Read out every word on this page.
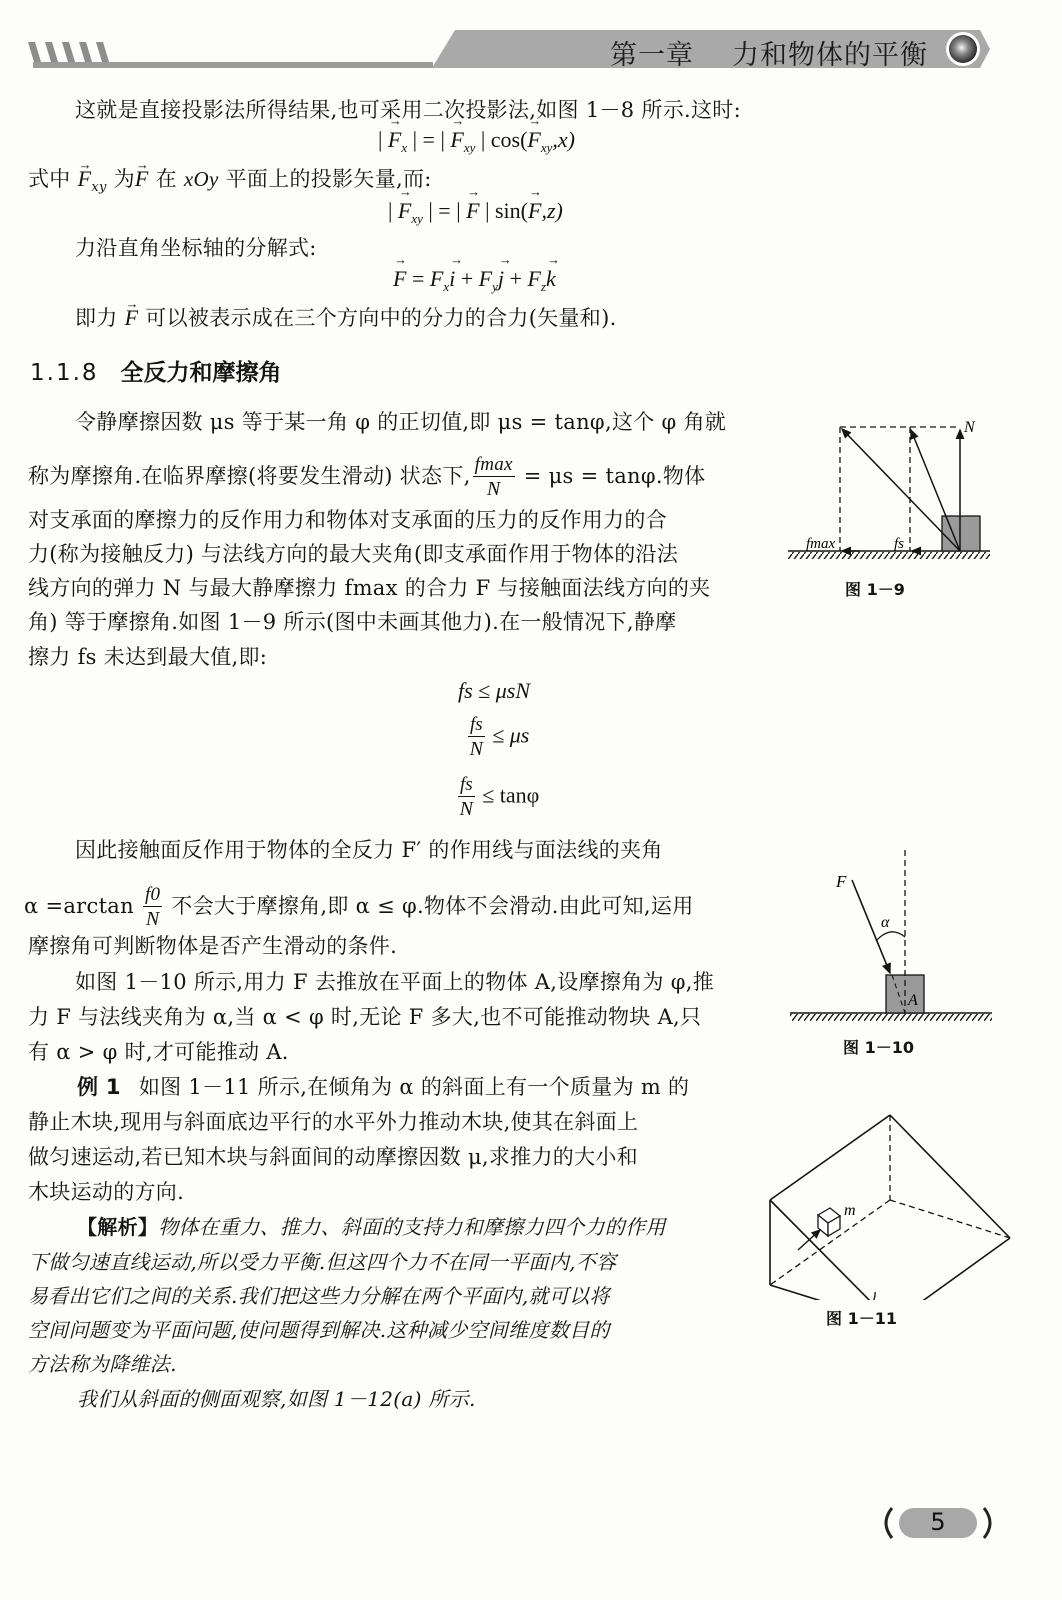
第一章 力和物体的平衡
这就是直接投影法所得结果,也可采用二次投影法,如图 1－8 所示.这时:
| → $F_x$ | = | → $F_{xy}$ | $\cos(\to F_{xy},x)$
式中 → $F_{xy}$ 为→ F 在 xOy 平面上的投影矢量,而:
| → $F_{xy}$ | = | → F | sin(→ F,z)
力沿直角坐标轴的分解式:
→ $F = F_x\to i + F_y\to j + F_z\to k$
即力 → F 可以被表示成在三个方向中的分力的合力(矢量和).
1.1.8 全反力和摩擦角
令静摩擦因数 μs 等于某一角 φ 的正切值,即 μs = tanφ,这个 φ 角就
称为摩擦角.在临界摩擦(将要发生滑动) 状态下, $\frac{fmax}{N} = \mu s = \tan\varphi$.物体
对支承面的摩擦力的反作用力和物体对支承面的压力的反作用力的合
力(称为接触反力) 与法线方向的最大夹角(即支承面作用于物体的沿法
线方向的弹力 N 与最大静摩擦力 fmax 的合力 F 与接触面法线方向的夹
角) 等于摩擦角.如图 1－9 所示(图中未画其他力).在一般情况下,静摩
擦力 fs 未达到最大值,即:
fs ≤ μsN
$\frac{fs}{N} \le \mu s$
$\frac{fs}{N} \le \tan\varphi$
因此接触面反作用于物体的全反力 F′ 的作用线与面法线的夹角
$\alpha =\arctan \frac{f0}{N}$ 不会大于摩擦角,即 α ≤ φ.物体不会滑动.由此可知,运用
摩擦角可判断物体是否产生滑动的条件.
如图 1－10 所示,用力 F 去推放在平面上的物体 A,设摩擦角为 φ,推
力 F 与法线夹角为 α,当 α < φ 时,无论 F 多大,也不可能推动物块 A,只
有 α > φ 时,才可能推动 A.
例 1 如图 1－11 所示,在倾角为 α 的斜面上有一个质量为 m 的
静止木块,现用与斜面底边平行的水平外力推动木块,使其在斜面上
做匀速运动,若已知木块与斜面间的动摩擦因数 μ,求推力的大小和
木块运动的方向.
【解析】物体在重力、推力、斜面的支持力和摩擦力四个力的作用
下做匀速直线运动,所以受力平衡.但这四个力不在同一平面内,不容
易看出它们之间的关系.我们把这些力分解在两个平面内,就可以将
空间问题变为平面问题,使问题得到解决.这种减少空间维度数目的
方法称为降维法.
我们从斜面的侧面观察,如图 1－12(a) 所示.
N
fmax	fs
图 1－9
F
α
A
图 1－10
m
图 1－11
5
